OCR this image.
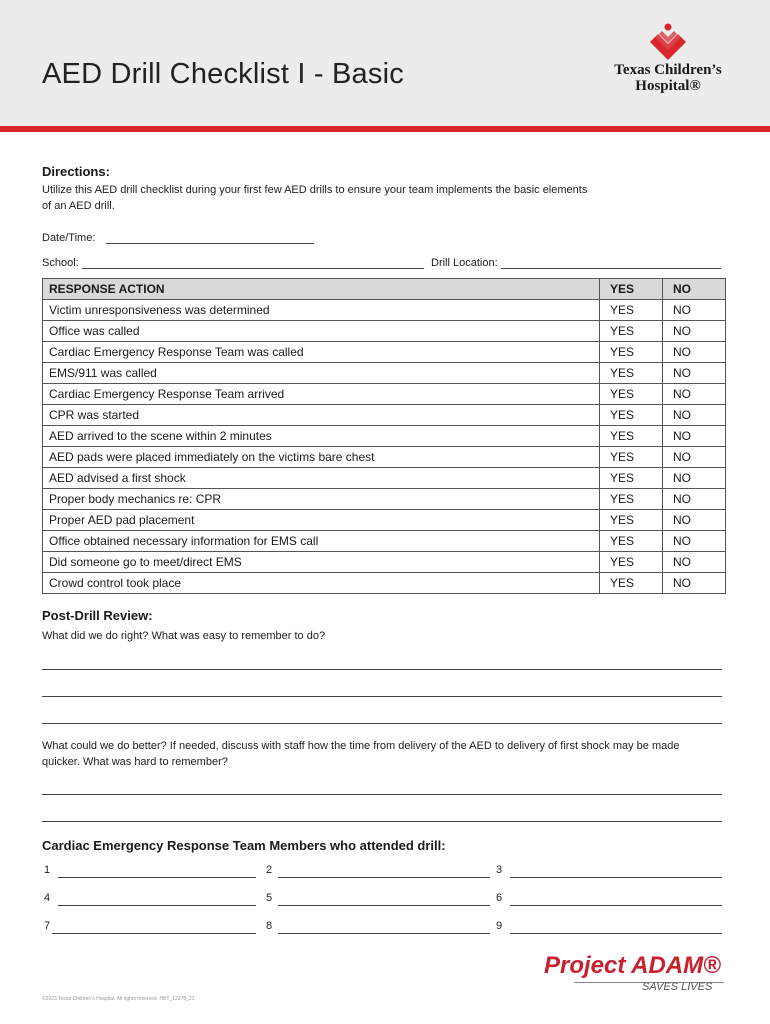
AED Drill Checklist I - Basic	Texas Children’s
Hospital®
Directions:
Utilize this AED drill checklist during your first few AED drills to ensure your team implements the basic elements
of an AED drill.
Date/Time:
School:	Drill Location:
RESPONSE ACTION	YES	NO
Victim unresponsiveness was determined	YES	NO
Office was called	YES	NO
Cardiac Emergency Response Team was called	YES	NO
EMS/911 was called	YES	NO
Cardiac Emergency Response Team arrived	YES	NO
CPR was started	YES	NO
AED arrived to the scene within 2 minutes	YES	NO
AED pads were placed immediately on the victims bare chest	YES	NO
AED advised a first shock	YES	NO
Proper body mechanics re: CPR	YES	NO
Proper AED pad placement	YES	NO
Office obtained necessary information for EMS call	YES	NO
Did someone go to meet/direct EMS	YES	NO
Crowd control took place	YES	NO
Post-Drill Review:
What did we do right? What was easy to remember to do?
What could we do better? If needed, discuss with staff how the time from delivery of the AED to delivery of first shock may be made
quicker. What was hard to remember?
Cardiac Emergency Response Team Members who attended drill:
1	2	3
4	5	6
7	8	9
Project ADAM®
SAVES LIVES
©2023 Texas Children’s Hospital. All rights reserved. HBT_12378_23
